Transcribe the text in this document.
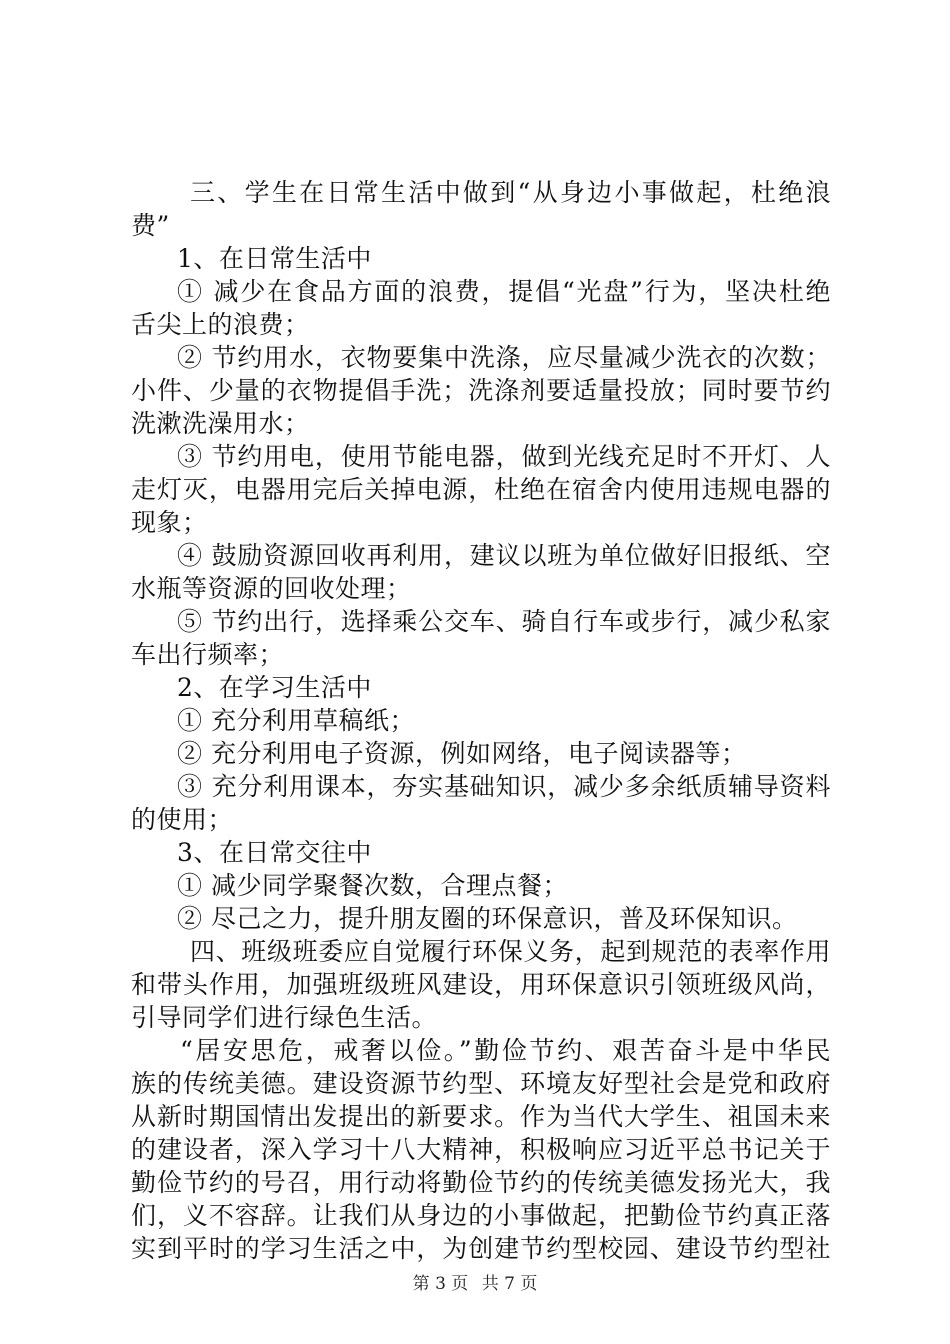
三、学生在日常生活中做到“从身边小事做起，杜绝浪
费”
1、在日常生活中
① 减少在食品方面的浪费，提倡“光盘”行为，坚决杜绝
舌尖上的浪费；
② 节约用水，衣物要集中洗涤，应尽量减少洗衣的次数；
小件、少量的衣物提倡手洗；洗涤剂要适量投放；同时要节约
洗漱洗澡用水；
③ 节约用电，使用节能电器，做到光线充足时不开灯、人
走灯灭，电器用完后关掉电源，杜绝在宿舍内使用违规电器的
现象；
④ 鼓励资源回收再利用，建议以班为单位做好旧报纸、空
水瓶等资源的回收处理；
⑤ 节约出行，选择乘公交车、骑自行车或步行，减少私家
车出行频率；
2、在学习生活中
① 充分利用草稿纸；
② 充分利用电子资源，例如网络，电子阅读器等；
③ 充分利用课本，夯实基础知识，减少多余纸质辅导资料
的使用；
3、在日常交往中
① 减少同学聚餐次数，合理点餐；
② 尽己之力，提升朋友圈的环保意识，普及环保知识。
四、班级班委应自觉履行环保义务，起到规范的表率作用
和带头作用，加强班级班风建设，用环保意识引领班级风尚，
引导同学们进行绿色生活。
“居安思危，戒奢以俭。”勤俭节约、艰苦奋斗是中华民
族的传统美德。建设资源节约型、环境友好型社会是党和政府
从新时期国情出发提出的新要求。作为当代大学生、祖国未来
的建设者，深入学习十八大精神，积极响应习近平总书记关于
勤俭节约的号召，用行动将勤俭节约的传统美德发扬光大，我
们，义不容辞。让我们从身边的小事做起，把勤俭节约真正落
实到平时的学习生活之中，为创建节约型校园、建设节约型社
第 3 页 共 7 页
